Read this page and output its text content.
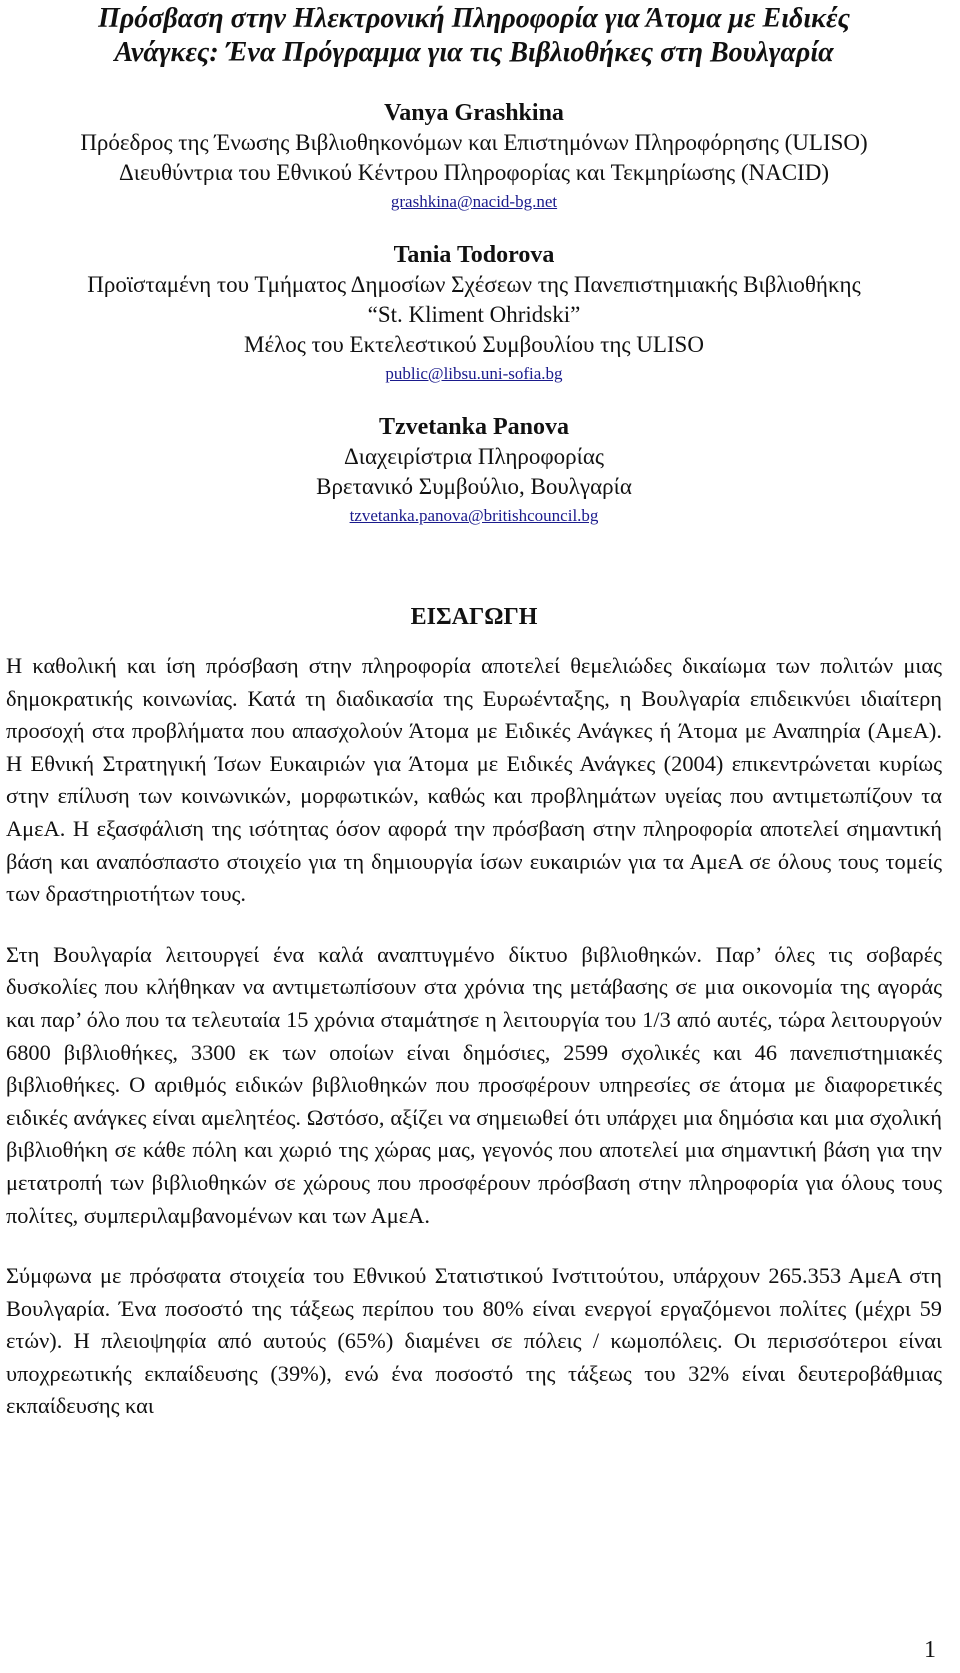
Πρόσβαση στην Ηλεκτρονική Πληροφορία για Άτομα με Ειδικές
Ανάγκες: Ένα Πρόγραμμα για τις Βιβλιοθήκες στη Βουλγαρία
Vanya Grashkina
Πρόεδρος της Ένωσης Βιβλιοθηκονόμων και Επιστημόνων Πληροφόρησης (ULISO)
Διευθύντρια του Εθνικού Κέντρου Πληροφορίας και Τεκμηρίωσης (NACID)
grashkina@nacid-bg.net
Tania Todorova
Προϊσταμένη του Τμήματος Δημοσίων Σχέσεων της Πανεπιστημιακής Βιβλιοθήκης
“St. Kliment Ohridski”
Μέλος του Εκτελεστικού Συμβουλίου της ULISO
public@libsu.uni-sofia.bg
Tzvetanka Panova
Διαχειρίστρια Πληροφορίας
Βρετανικό Συμβούλιο, Βουλγαρία
tzvetanka.panova@britishcouncil.bg
ΕΙΣΑΓΩΓΗ

Η καθολική και ίση πρόσβαση στην πληροφορία αποτελεί θεμελιώδες δικαίωμα των πολιτών μιας δημοκρατικής κοινωνίας. Κατά τη διαδικασία της Ευρωένταξης, η Βουλγαρία επιδεικνύει ιδιαίτερη προσοχή στα προβλήματα που απασχολούν Άτομα με Ειδικές Ανάγκες ή Άτομα με Αναπηρία (ΑμεΑ). Η Εθνική Στρατηγική Ίσων Ευκαιριών για Άτομα με Ειδικές Ανάγκες (2004) επικεντρώνεται κυρίως στην επίλυση των κοινωνικών, μορφωτικών, καθώς και προβλημάτων υγείας που αντιμετωπίζουν τα ΑμεΑ. Η εξασφάλιση της ισότητας όσον αφορά την πρόσβαση στην πληροφορία αποτελεί σημαντική βάση και αναπόσπαστο στοιχείο για τη δημιουργία ίσων ευκαιριών για τα ΑμεΑ σε όλους τους τομείς των δραστηριοτήτων τους.

Στη Βουλγαρία λειτουργεί ένα καλά αναπτυγμένο δίκτυο βιβλιοθηκών. Παρ’ όλες τις σοβαρές δυσκολίες που κλήθηκαν να αντιμετωπίσουν στα χρόνια της μετάβασης σε μια οικονομία της αγοράς και παρ’ όλο που τα τελευταία 15 χρόνια σταμάτησε η λειτουργία του 1/3 από αυτές, τώρα λειτουργούν 6800 βιβλιοθήκες, 3300 εκ των οποίων είναι δημόσιες, 2599 σχολικές και 46 πανεπιστημιακές βιβλιοθήκες. Ο αριθμός ειδικών βιβλιοθηκών που προσφέρουν υπηρεσίες σε άτομα με διαφορετικές ειδικές ανάγκες είναι αμελητέος. Ωστόσο, αξίζει να σημειωθεί ότι υπάρχει μια δημόσια και μια σχολική βιβλιοθήκη σε κάθε πόλη και χωριό της χώρας μας, γεγονός που αποτελεί μια σημαντική βάση για την μετατροπή των βιβλιοθηκών σε χώρους που προσφέρουν πρόσβαση στην πληροφορία για όλους τους πολίτες, συμπεριλαμβανομένων και των ΑμεΑ.

Σύμφωνα με πρόσφατα στοιχεία του Εθνικού Στατιστικού Ινστιτούτου, υπάρχουν 265.353 ΑμεΑ στη Βουλγαρία. Ένα ποσοστό της τάξεως περίπου του 80% είναι ενεργοί εργαζόμενοι πολίτες (μέχρι 59 ετών). Η πλειοψηφία από αυτούς (65%) διαμένει σε πόλεις / κωμοπόλεις. Οι περισσότεροι είναι υποχρεωτικής εκπαίδευσης (39%), ενώ ένα ποσοστό της τάξεως του 32% είναι δευτεροβάθμιας εκπαίδευσης και

1
